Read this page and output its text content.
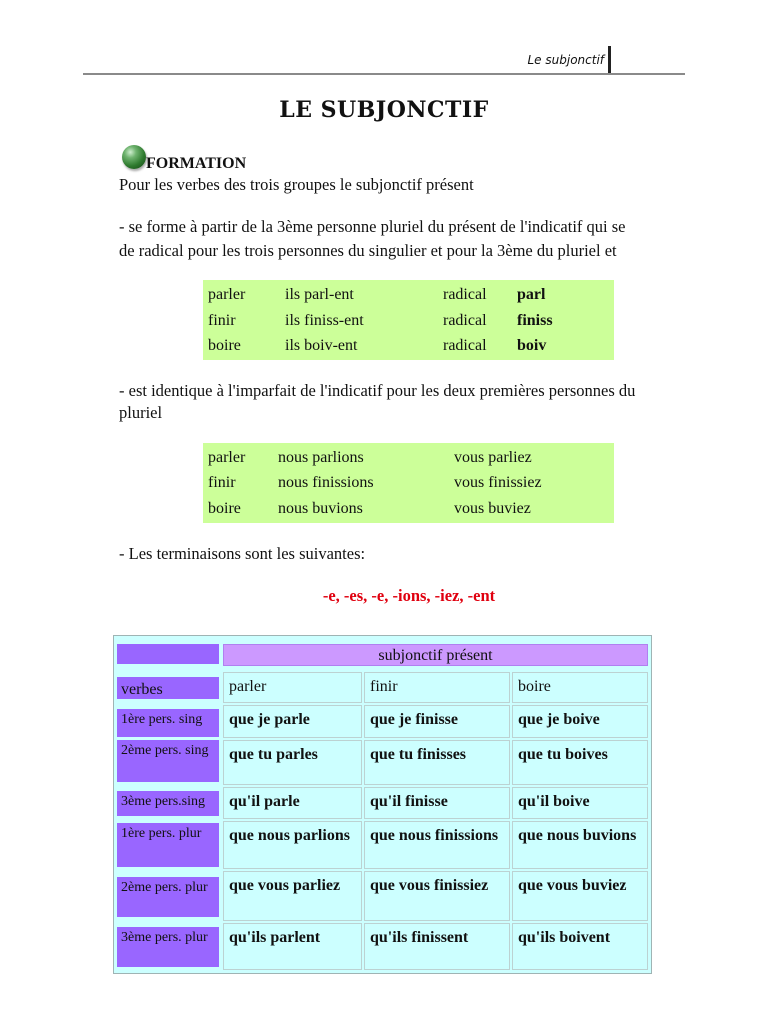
Le subjonctif
LE SUBJONCTIF
FORMATION
Pour les verbes des trois groupes le subjonctif présent
- se forme à partir de la 3ème personne pluriel du présent de l'indicatif qui se
de radical pour les trois personnes du singulier et pour la 3ème du pluriel et
parler ils parl-ent	radical parl
finir	ils finiss-ent	radical finiss
boire	ils boiv-ent	radical boiv
- est identique à l'imparfait de l'indicatif pour les deux premières personnes du
pluriel
parler nous parlions	vous parliez
finir	nous finissions	vous finissiez
boire nous buvions	vous buviez
- Les terminaisons sont les suivantes:
-e, -es, -e, -ions, -iez, -ent
subjonctif présent
verbes	parler	finir	boire
1ère pers. sing	que je parle	que je finisse	que je boive
2ème pers. sing	que tu parles	que tu finisses	que tu boives
3ème pers.sing	qu'il parle	qu'il finisse	qu'il boive
1ère pers. plur	que nous parlions	que nous finissions	que nous buvions
2ème pers. plur	que vous parliez	que vous finissiez	que vous buviez
3ème pers. plur	qu'ils parlent	qu'ils finissent	qu'ils boivent
